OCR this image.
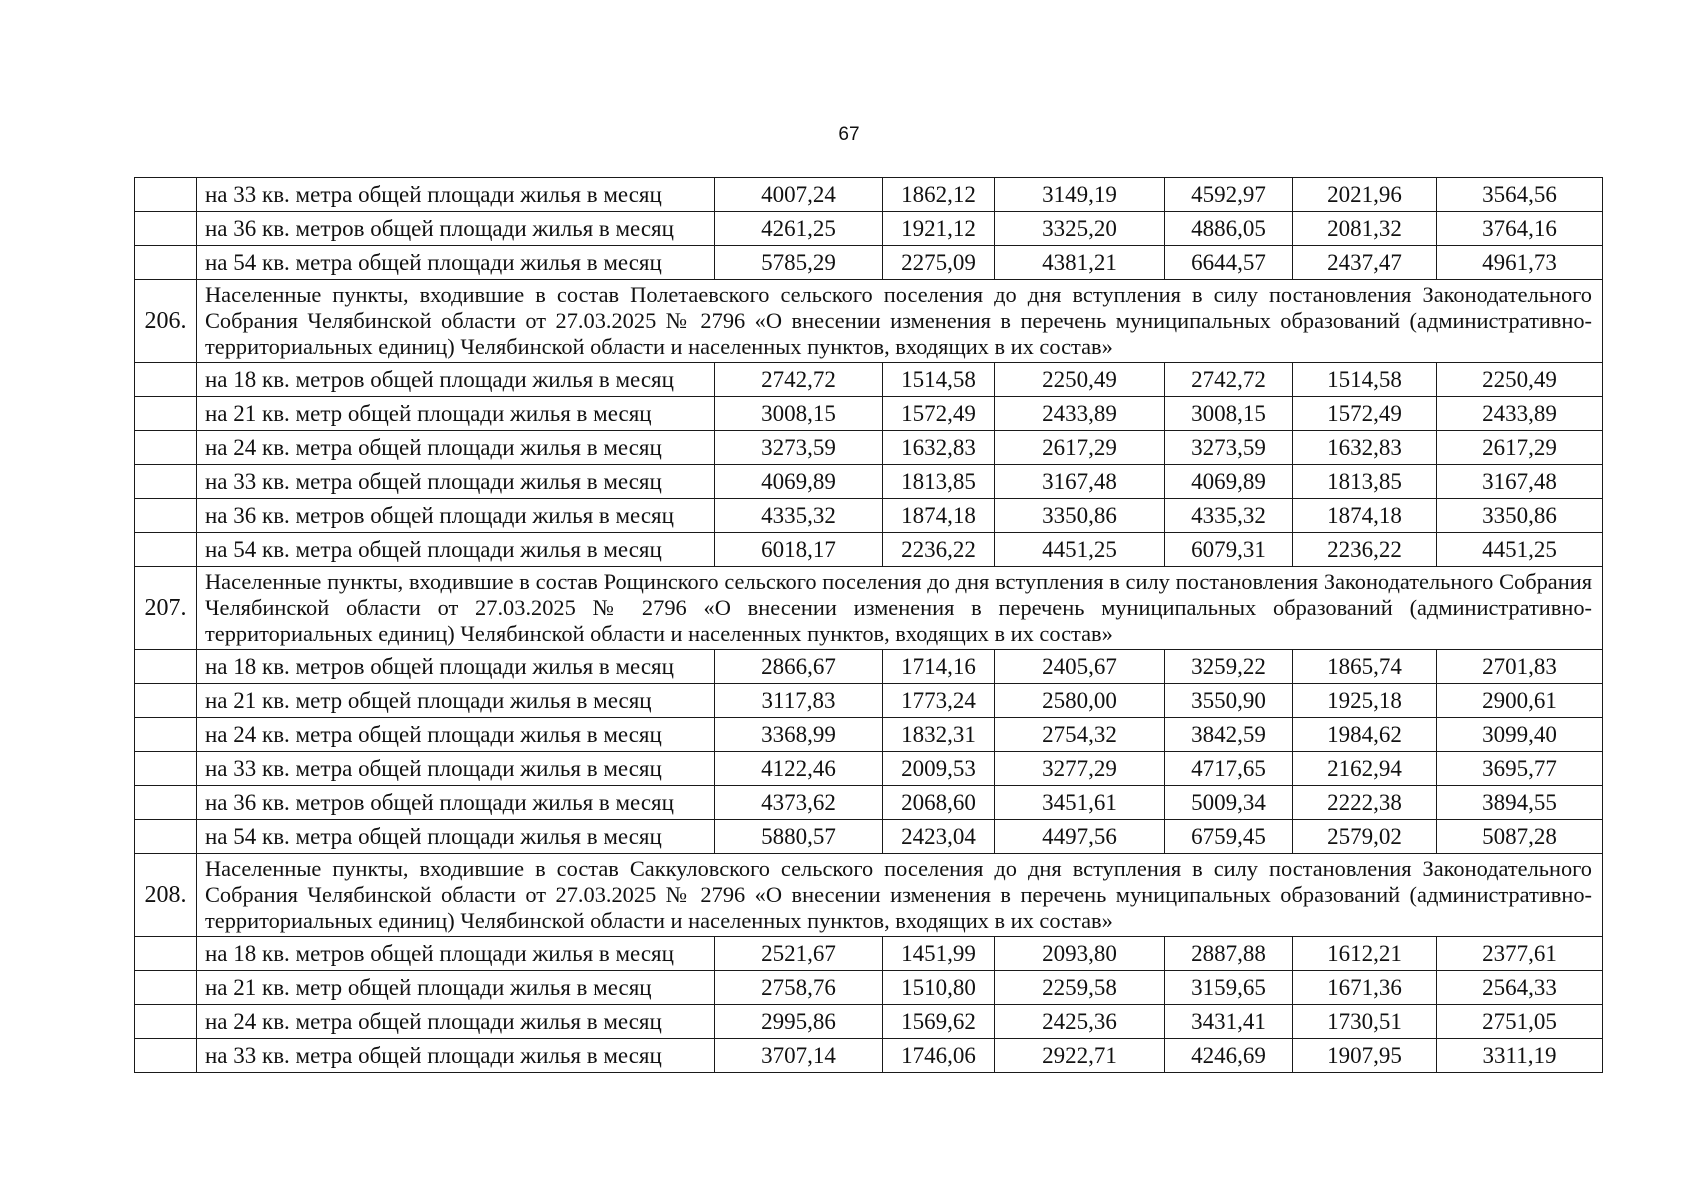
67
	на 33 кв. метра общей площади жилья в месяц	4007,24	1862,12	3149,19	4592,97	2021,96	3564,56
	на 36 кв. метров общей площади жилья в месяц	4261,25	1921,12	3325,20	4886,05	2081,32	3764,16
	на 54 кв. метра общей площади жилья в месяц	5785,29	2275,09	4381,21	6644,57	2437,47	4961,73
206.	Населенные пункты, входившие в состав Полетаевского сельского поселения до дня вступления в силу постановления Законодательного Собрания Челябинской области от 27.03.2025 № 2796 «О внесении изменения в перечень муниципальных образований (административно-территориальных единиц) Челябинской области и населенных пунктов, входящих в их состав»						
	на 18 кв. метров общей площади жилья в месяц	2742,72	1514,58	2250,49	2742,72	1514,58	2250,49
	на 21 кв. метр общей площади жилья в месяц	3008,15	1572,49	2433,89	3008,15	1572,49	2433,89
	на 24 кв. метра общей площади жилья в месяц	3273,59	1632,83	2617,29	3273,59	1632,83	2617,29
	на 33 кв. метра общей площади жилья в месяц	4069,89	1813,85	3167,48	4069,89	1813,85	3167,48
	на 36 кв. метров общей площади жилья в месяц	4335,32	1874,18	3350,86	4335,32	1874,18	3350,86
	на 54 кв. метра общей площади жилья в месяц	6018,17	2236,22	4451,25	6079,31	2236,22	4451,25
207.	Населенные пункты, входившие в состав Рощинского сельского поселения до дня вступления в силу постановления Законодательного Собрания Челябинской области от 27.03.2025 № 2796 «О внесении изменения в перечень муниципальных образований (административно-территориальных единиц) Челябинской области и населенных пунктов, входящих в их состав»						
	на 18 кв. метров общей площади жилья в месяц	2866,67	1714,16	2405,67	3259,22	1865,74	2701,83
	на 21 кв. метр общей площади жилья в месяц	3117,83	1773,24	2580,00	3550,90	1925,18	2900,61
	на 24 кв. метра общей площади жилья в месяц	3368,99	1832,31	2754,32	3842,59	1984,62	3099,40
	на 33 кв. метра общей площади жилья в месяц	4122,46	2009,53	3277,29	4717,65	2162,94	3695,77
	на 36 кв. метров общей площади жилья в месяц	4373,62	2068,60	3451,61	5009,34	2222,38	3894,55
	на 54 кв. метра общей площади жилья в месяц	5880,57	2423,04	4497,56	6759,45	2579,02	5087,28
208.	Населенные пункты, входившие в состав Саккуловского сельского поселения до дня вступления в силу постановления Законодательного Собрания Челябинской области от 27.03.2025 № 2796 «О внесении изменения в перечень муниципальных образований (административно-территориальных единиц) Челябинской области и населенных пунктов, входящих в их состав»						
	на 18 кв. метров общей площади жилья в месяц	2521,67	1451,99	2093,80	2887,88	1612,21	2377,61
	на 21 кв. метр общей площади жилья в месяц	2758,76	1510,80	2259,58	3159,65	1671,36	2564,33
	на 24 кв. метра общей площади жилья в месяц	2995,86	1569,62	2425,36	3431,41	1730,51	2751,05
	на 33 кв. метра общей площади жилья в месяц	3707,14	1746,06	2922,71	4246,69	1907,95	3311,19
